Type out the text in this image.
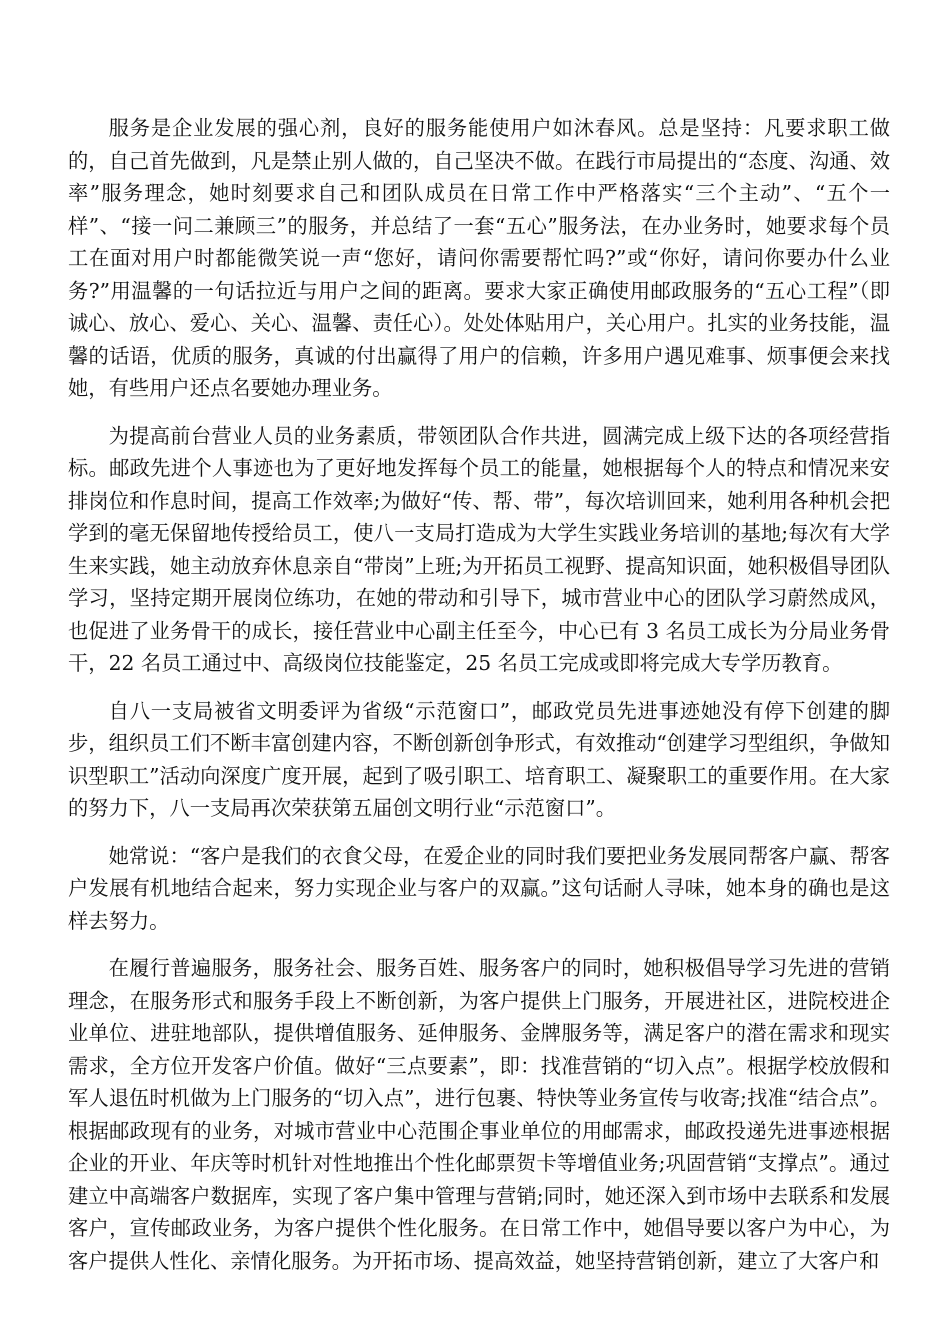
服务是企业发展的强心剂，良好的服务能使用户如沐春风。总是坚持：凡要求职工做的，自己首先做到，凡是禁止别人做的，自己坚决不做。在践行市局提出的“态度、沟通、效率”服务理念，她时刻要求自己和团队成员在日常工作中严格落实“三个主动”、“五个一样”、“接一问二兼顾三”的服务，并总结了一套“五心”服务法，在办业务时，她要求每个员工在面对用户时都能微笑说一声“您好，请问你需要帮忙吗?”或“你好，请问你要办什么业务?”用温馨的一句话拉近与用户之间的距离。要求大家正确使用邮政服务的“五心工程”（即诚心、放心、爱心、关心、温馨、责任心）。处处体贴用户，关心用户。扎实的业务技能，温馨的话语，优质的服务，真诚的付出赢得了用户的信赖，许多用户遇见难事、烦事便会来找她，有些用户还点名要她办理业务。

为提高前台营业人员的业务素质，带领团队合作共进，圆满完成上级下达的各项经营指标。邮政先进个人事迹也为了更好地发挥每个员工的能量，她根据每个人的特点和情况来安排岗位和作息时间，提高工作效率;为做好“传、帮、带”，每次培训回来，她利用各种机会把学到的毫无保留地传授给员工，使八一支局打造成为大学生实践业务培训的基地;每次有大学生来实践，她主动放弃休息亲自“带岗”上班;为开拓员工视野、提高知识面，她积极倡导团队学习，坚持定期开展岗位练功，在她的带动和引导下，城市营业中心的团队学习蔚然成风，也促进了业务骨干的成长，接任营业中心副主任至今，中心已有 3 名员工成长为分局业务骨干，22 名员工通过中、高级岗位技能鉴定，25 名员工完成或即将完成大专学历教育。

自八一支局被省文明委评为省级“示范窗口”，邮政党员先进事迹她没有停下创建的脚步，组织员工们不断丰富创建内容，不断创新创争形式，有效推动“创建学习型组织，争做知识型职工”活动向深度广度开展，起到了吸引职工、培育职工、凝聚职工的重要作用。在大家的努力下，八一支局再次荣获第五届创文明行业“示范窗口”。

她常说：“客户是我们的衣食父母，在爱企业的同时我们要把业务发展同帮客户赢、帮客户发展有机地结合起来，努力实现企业与客户的双赢。”这句话耐人寻味，她本身的确也是这样去努力。

在履行普遍服务，服务社会、服务百姓、服务客户的同时，她积极倡导学习先进的营销理念，在服务形式和服务手段上不断创新，为客户提供上门服务，开展进社区，进院校进企业单位、进驻地部队，提供增值服务、延伸服务、金牌服务等，满足客户的潜在需求和现实需求，全方位开发客户价值。做好“三点要素”，即：找准营销的“切入点”。根据学校放假和军人退伍时机做为上门服务的“切入点”，进行包裹、特快等业务宣传与收寄;找准“结合点”。根据邮政现有的业务，对城市营业中心范围企事业单位的用邮需求，邮政投递先进事迹根据企业的开业、年庆等时机针对性地推出个性化邮票贺卡等增值业务;巩固营销“支撑点”。通过建立中高端客户数据库，实现了客户集中管理与营销;同时，她还深入到市场中去联系和发展客户，宣传邮政业务，为客户提供个性化服务。在日常工作中，她倡导要以客户为中心，为客户提供人性化、亲情化服务。为开拓市场、提高效益，她坚持营销创新，建立了大客户和
